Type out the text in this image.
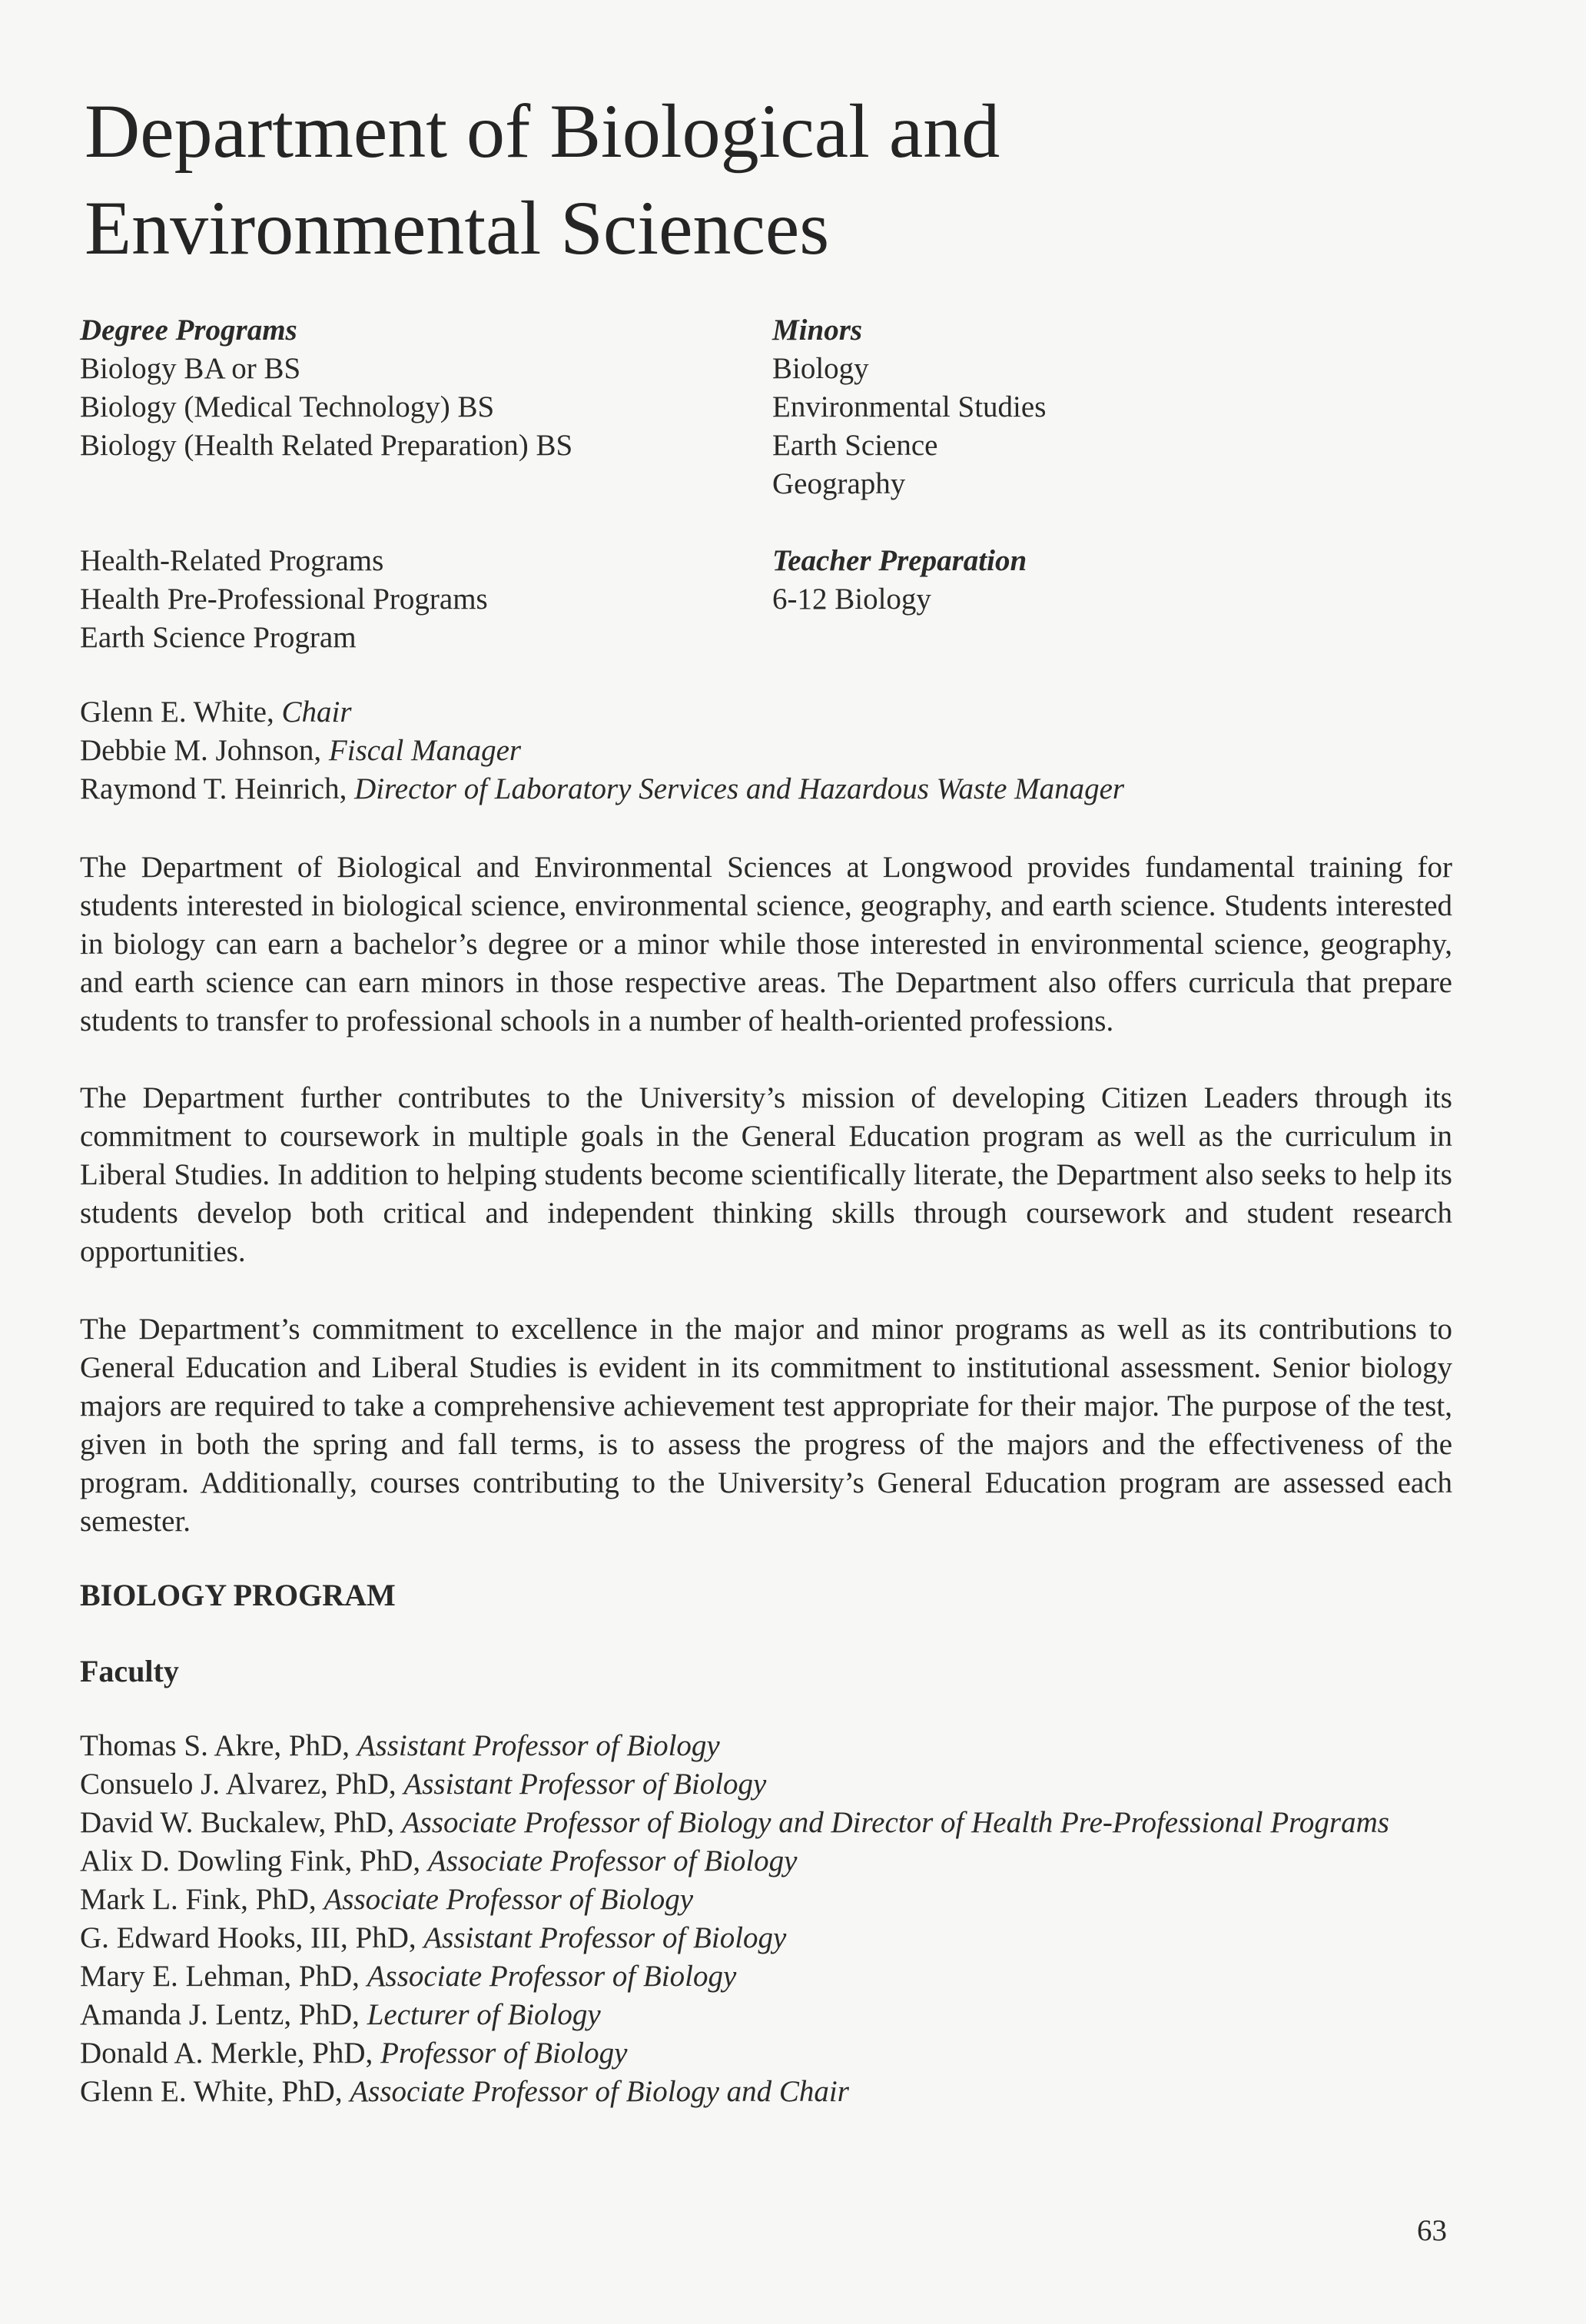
Department of Biological and
Environmental Sciences
Degree Programs
Biology BA or BS
Biology (Medical Technology) BS
Biology (Health Related Preparation) BS
Minors
Biology
Environmental Studies
Earth Science
Geography
Health-Related Programs
Health Pre-Professional Programs
Earth Science Program
Teacher Preparation
6-12 Biology
Glenn E. White, Chair
Debbie M. Johnson, Fiscal Manager
Raymond T. Heinrich, Director of Laboratory Services and Hazardous Waste Manager

The Department of Biological and Environmental Sciences at Longwood provides fundamental training for students interested in biological science, environmental science, geography, and earth science. Students interested in biology can earn a bachelor’s degree or a minor while those interested in environmental science, geography, and earth science can earn minors in those respective areas. The Department also offers curricula that prepare students to transfer to professional schools in a number of health-oriented professions.

The Department further contributes to the University’s mission of developing Citizen Leaders through its commitment to coursework in multiple goals in the General Education program as well as the curriculum in Liberal Studies. In addition to helping students become scientifically literate, the Department also seeks to help its students develop both critical and independent thinking skills through coursework and student research opportunities.

The Department’s commitment to excellence in the major and minor programs as well as its contributions to General Education and Liberal Studies is evident in its commitment to institutional assessment. Senior biology majors are required to take a comprehensive achievement test appropriate for their major. The purpose of the test, given in both the spring and fall terms, is to assess the progress of the majors and the effectiveness of the program. Additionally, courses contributing to the University’s General Education program are assessed each semester.

BIOLOGY PROGRAM
Faculty
Thomas S. Akre, PhD, Assistant Professor of Biology
Consuelo J. Alvarez, PhD, Assistant Professor of Biology
David W. Buckalew, PhD, Associate Professor of Biology and Director of Health Pre-Professional Programs
Alix D. Dowling Fink, PhD, Associate Professor of Biology
Mark L. Fink, PhD, Associate Professor of Biology
G. Edward Hooks, III, PhD, Assistant Professor of Biology
Mary E. Lehman, PhD, Associate Professor of Biology
Amanda J. Lentz, PhD, Lecturer of Biology
Donald A. Merkle, PhD, Professor of Biology
Glenn E. White, PhD, Associate Professor of Biology and Chair
63
